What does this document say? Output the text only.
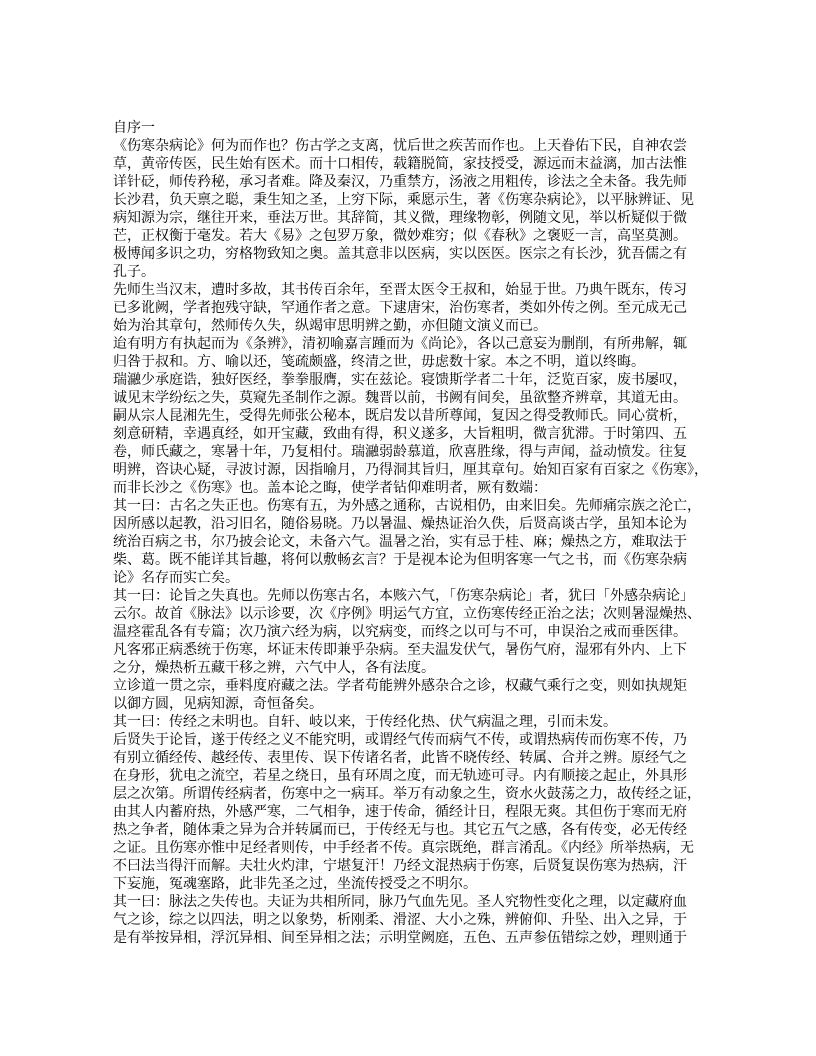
自序一
《伤寒杂病论》何为而作也？伤古学之支离，忧后世之疾苦而作也。上天眷佑下民，自神农尝
草，黄帝传医，民生始有医术。而十口相传，载籍脱简，家技授受，源远而末益漓，加古法惟
详针砭，师传矜秘，承习者难。降及秦汉，乃重禁方，汤液之用粗传，诊法之全未备。我先师
长沙君，负天禀之聪，秉生知之圣，上穷下际，乘愿示生，著《伤寒杂病论》，以平脉辨证、见
病知源为宗，继往开来，垂法万世。其辞简，其义微，理缘物彰，例随文见，举以析疑似于微
芒，正权衡于毫发。若大《易》之包罗万象，微妙难穷；似《春秋》之褒贬一言，高坚莫测。
极博闻多识之功，穷格物致知之奥。盖其意非以医病，实以医医。医宗之有长沙，犹吾儒之有
孔子。
先师生当汉末，遭时多故，其书传百余年，至晋太医令王叔和，始显于世。乃典午既东，传习
已多讹阙，学者抱残守缺，罕通作者之意。下逮唐宋，治伤寒者，类如外传之例。至元成无己
始为治其章句，然师传久失，纵竭审思明辨之勤，亦但随文演义而已。
迨有明方有执起而为《条辨》，清初喻嘉言踵而为《尚论》，各以己意妄为删削，有所弗解，辄
归咎于叔和。方、喻以还，笺疏颇盛，终清之世，毋虑数十家。本之不明，道以终晦。
瑞瀜少承庭诰，独好医经，拳拳服膺，实在兹论。寝馈斯学者二十年，泛览百家，废书屡叹，
诚见末学纷纭之失，莫窥先圣制作之源。魏晋以前，书阙有间矣，虽欲整齐辨章，其道无由。
嗣从宗人昆湘先生，受得先师张公秘本，既启发以昔所尊闻，复因之得受教师氏。同心赏析，
刻意研精，幸遇真经，如开宝藏，致曲有得，积义遂多，大旨粗明，微言犹滞。于时第四、五
卷，师氏藏之，寒暑十年，乃复相付。瑞瀜弱龄慕道，欣喜胜缘，得与声闻，益动愤发。往复
明辨，咨诀心疑，寻波讨源，因指喻月，乃得洞其旨归，厘其章句。始知百家有百家之《伤寒》，
而非长沙之《伤寒》也。盖本论之晦，使学者钻仰难明者，厥有数端：
其一曰：古名之失正也。伤寒有五，为外感之通称，古说相仍，由来旧矣。先师痛宗族之沦亡，
因所感以起教，沿习旧名，随俗易晓。乃以暑温、燥热证治久佚，后贤高谈古学，虽知本论为
统治百病之书，尔乃披会论文，未备六气。温暑之治，实有忌于桂、麻；燥热之方，难取法于
柴、葛。既不能详其旨趣，将何以敷畅玄言？于是视本论为但明客寒一气之书，而《伤寒杂病
论》名存而实亡矣。
其一曰：论旨之失真也。先师以伤寒古名，本赅六气，「伤寒杂病论」者，犹曰「外感杂病论」
云尔。故首《脉法》以示诊要，次《序例》明运气方宜，立伤寒传经正治之法；次则暑湿燥热、
温痉霍乱各有专篇；次乃演六经为病，以究病变，而终之以可与不可，申误治之戒而垂医律。
凡客邪正病悉统于伤寒，坏证末传即兼乎杂病。至夫温发伏气，暑伤气府，湿邪有外内、上下
之分，燥热析五藏干移之辨，六气中人，各有法度。
立诊道一贯之宗，垂料度府藏之法。学者苟能辨外感杂合之诊，权藏气乘行之变，则如执规矩
以御方圆，见病知源，奇恒备矣。
其一曰：传经之未明也。自轩、岐以来，于传经化热、伏气病温之理，引而未发。
后贤失于论旨，遂于传经之义不能究明，或谓经气传而病气不传，或谓热病传而伤寒不传，乃
有别立循经传、越经传、表里传、误下传诸名者，此皆不晓传经、转属、合并之辨。原经气之
在身形，犹电之流空，若星之绕日，虽有环周之度，而无轨迹可寻。内有顺接之起止，外具形
层之次第。所谓传经病者，伤寒中之一病耳。举万有动象之生，资水火鼓荡之力，故传经之证，
由其人内蓄府热，外感严寒，二气相争，速于传命，循经计日，程限无爽。其但伤于寒而无府
热之争者，随体秉之异为合并转属而已，于传经无与也。其它五气之感，各有传变，必无传经
之证。且伤寒亦惟中足经者则传，中手经者不传。真宗既绝，群言淆乱。《内经》所举热病，无
不曰法当得汗而解。夫壮火灼津，宁堪复汗！乃经文混热病于伤寒，后贤复误伤寒为热病，汗
下妄施，冤魂塞路，此非先圣之过，坐流传授受之不明尔。
其一曰：脉法之失传也。夫证为共相所同，脉乃气血先见。圣人究物性变化之理，以定藏府血
气之诊，综之以四法，明之以象势，析刚柔、滑涩、大小之殊，辨俯仰、升坠、出入之异，于
是有举按异相，浮沉异相、间至异相之法；示明堂阙庭，五色、五声参伍错综之妙，理则通于
